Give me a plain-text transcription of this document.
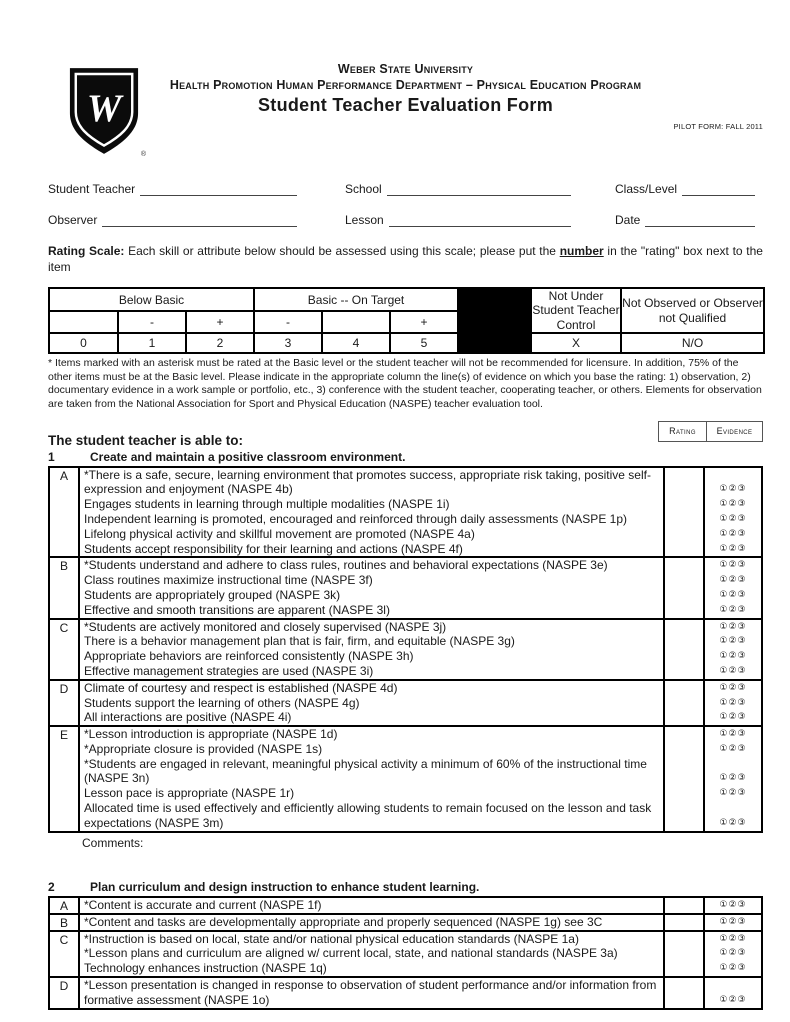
W
®
Weber State University
Health Promotion Human Performance Department – Physical Education Program
Student Teacher Evaluation Form
PILOT FORM: FALL 2011
Student Teacher	School	Class/Level
Observer	Lesson	Date
Rating Scale: Each skill or attribute below should be assessed using this scale; please put the number in the "rating" box next to the item
Below Basic			Basic -- On Target				Not Under Student Teacher Control	Not Observed or Observer not Qualified
	-	+	-		+			
0	1	2	3	4	5		X	N/O
* Items marked with an asterisk must be rated at the Basic level or the student teacher will not be recommended for licensure. In addition, 75% of the other items must be at the Basic level. Please indicate in the appropriate column the line(s) of evidence on which you base the rating: 1) observation, 2) documentary evidence in a work sample or portfolio, etc., 3) conference with the student teacher, cooperating teacher, or others. Elements for observation are taken from the National Association for Sport and Physical Education (NASPE) teacher evaluation tool.
The student teacher is able to:
Rating	Evidence
1	Create and maintain a positive classroom environment.
A	*There is a safe, secure, learning environment that promotes success, appropriate risk taking, positive self-expression and enjoyment (NASPE 4b)	①②③
Engages students in learning through multiple modalities (NASPE 1i)	①②③
Independent learning is promoted, encouraged and reinforced through daily assessments (NASPE 1p)	①②③
Lifelong physical activity and skillful movement are promoted (NASPE 4a)	①②③
Students accept responsibility for their learning and actions (NASPE 4f)	①②③
B	*Students understand and adhere to class rules, routines and behavioral expectations (NASPE 3e)	①②③
Class routines maximize instructional time (NASPE 3f)	①②③
Students are appropriately grouped (NASPE 3k)	①②③
Effective and smooth transitions are apparent (NASPE 3l)	①②③
C	*Students are actively monitored and closely supervised (NASPE 3j)	①②③
There is a behavior management plan that is fair, firm, and equitable (NASPE 3g)	①②③
Appropriate behaviors are reinforced consistently (NASPE 3h)	①②③
Effective management strategies are used (NASPE 3i)	①②③
D	Climate of courtesy and respect is established (NASPE 4d)	①②③
Students support the learning of others (NASPE 4g)	①②③
All interactions are positive (NASPE 4i)	①②③
E	*Lesson introduction is appropriate (NASPE 1d)	①②③
*Appropriate closure is provided (NASPE 1s)	①②③
*Students are engaged in relevant, meaningful physical activity a minimum of 60% of the instructional time (NASPE 3n)	①②③
Lesson pace is appropriate (NASPE 1r)	①②③
Allocated time is used effectively and efficiently allowing students to remain focused on the lesson and task expectations (NASPE 3m)	①②③
Comments:
2	Plan curriculum and design instruction to enhance student learning.
A	*Content is accurate and current (NASPE 1f)	①②③
B	*Content and tasks are developmentally appropriate and properly sequenced (NASPE 1g) see 3C	①②③
C	*Instruction is based on local, state and/or national physical education standards (NASPE 1a)	①②③
*Lesson plans and curriculum are aligned w/ current local, state, and national standards (NASPE 3a)	①②③
Technology enhances instruction (NASPE 1q)	①②③
D	*Lesson presentation is changed in response to observation of student performance and/or information from formative assessment (NASPE 1o)	①②③
